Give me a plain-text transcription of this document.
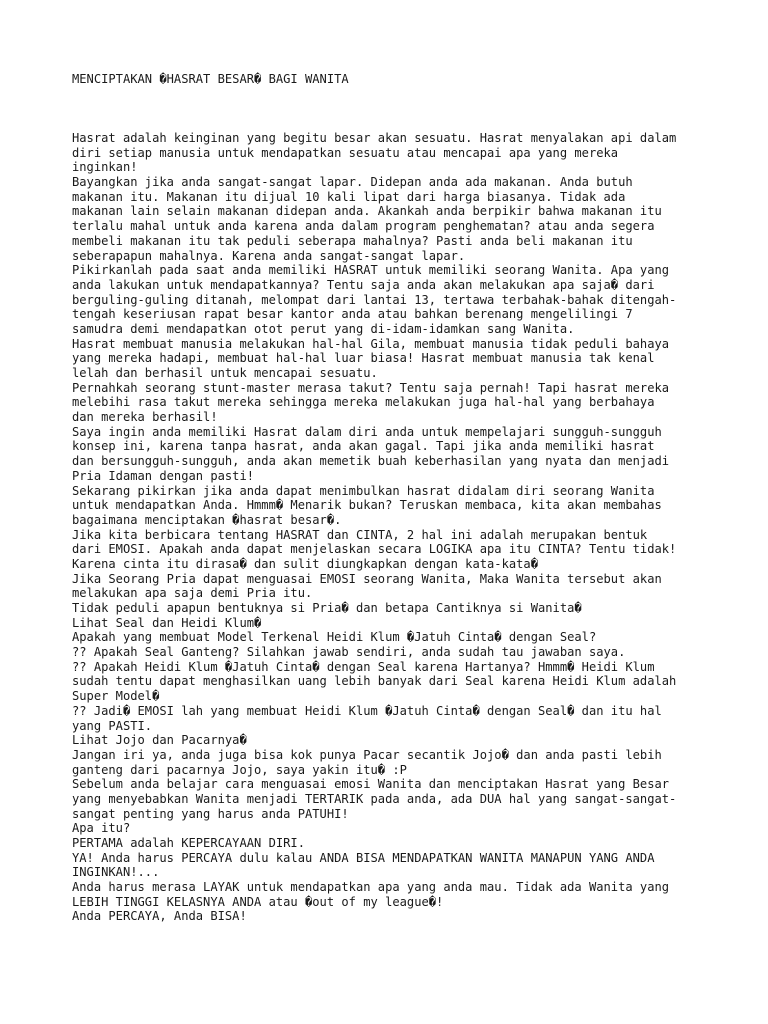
MENCIPTAKAN �HASRAT BESAR� BAGI WANITA
Hasrat adalah keinginan yang begitu besar akan sesuatu. Hasrat menyalakan api dalam
diri setiap manusia untuk mendapatkan sesuatu atau mencapai apa yang mereka
inginkan!
Bayangkan jika anda sangat-sangat lapar. Didepan anda ada makanan. Anda butuh
makanan itu. Makanan itu dijual 10 kali lipat dari harga biasanya. Tidak ada
makanan lain selain makanan didepan anda. Akankah anda berpikir bahwa makanan itu
terlalu mahal untuk anda karena anda dalam program penghematan? atau anda segera
membeli makanan itu tak peduli seberapa mahalnya? Pasti anda beli makanan itu
seberapapun mahalnya. Karena anda sangat-sangat lapar.
Pikirkanlah pada saat anda memiliki HASRAT untuk memiliki seorang Wanita. Apa yang
anda lakukan untuk mendapatkannya? Tentu saja anda akan melakukan apa saja� dari
berguling-guling ditanah, melompat dari lantai 13, tertawa terbahak-bahak ditengah-
tengah keseriusan rapat besar kantor anda atau bahkan berenang mengelilingi 7
samudra demi mendapatkan otot perut yang di-idam-idamkan sang Wanita.
Hasrat membuat manusia melakukan hal-hal Gila, membuat manusia tidak peduli bahaya
yang mereka hadapi, membuat hal-hal luar biasa! Hasrat membuat manusia tak kenal
lelah dan berhasil untuk mencapai sesuatu.
Pernahkah seorang stunt-master merasa takut? Tentu saja pernah! Tapi hasrat mereka
melebihi rasa takut mereka sehingga mereka melakukan juga hal-hal yang berbahaya
dan mereka berhasil!
Saya ingin anda memiliki Hasrat dalam diri anda untuk mempelajari sungguh-sungguh
konsep ini, karena tanpa hasrat, anda akan gagal. Tapi jika anda memiliki hasrat
dan bersungguh-sungguh, anda akan memetik buah keberhasilan yang nyata dan menjadi
Pria Idaman dengan pasti!
Sekarang pikirkan jika anda dapat menimbulkan hasrat didalam diri seorang Wanita
untuk mendapatkan Anda. Hmmm� Menarik bukan? Teruskan membaca, kita akan membahas
bagaimana menciptakan �hasrat besar�.
Jika kita berbicara tentang HASRAT dan CINTA, 2 hal ini adalah merupakan bentuk
dari EMOSI. Apakah anda dapat menjelaskan secara LOGIKA apa itu CINTA? Tentu tidak!
Karena cinta itu dirasa� dan sulit diungkapkan dengan kata-kata�
Jika Seorang Pria dapat menguasai EMOSI seorang Wanita, Maka Wanita tersebut akan
melakukan apa saja demi Pria itu.
Tidak peduli apapun bentuknya si Pria� dan betapa Cantiknya si Wanita�
Lihat Seal dan Heidi Klum�
Apakah yang membuat Model Terkenal Heidi Klum �Jatuh Cinta� dengan Seal?
?? Apakah Seal Ganteng? Silahkan jawab sendiri, anda sudah tau jawaban saya.
?? Apakah Heidi Klum �Jatuh Cinta� dengan Seal karena Hartanya? Hmmm� Heidi Klum
sudah tentu dapat menghasilkan uang lebih banyak dari Seal karena Heidi Klum adalah
Super Model�
?? Jadi� EMOSI lah yang membuat Heidi Klum �Jatuh Cinta� dengan Seal� dan itu hal
yang PASTI.
Lihat Jojo dan Pacarnya�
Jangan iri ya, anda juga bisa kok punya Pacar secantik Jojo� dan anda pasti lebih
ganteng dari pacarnya Jojo, saya yakin itu� :P
Sebelum anda belajar cara menguasai emosi Wanita dan menciptakan Hasrat yang Besar
yang menyebabkan Wanita menjadi TERTARIK pada anda, ada DUA hal yang sangat-sangat-
sangat penting yang harus anda PATUHI!
Apa itu?
PERTAMA adalah KEPERCAYAAN DIRI.
YA! Anda harus PERCAYA dulu kalau ANDA BISA MENDAPATKAN WANITA MANAPUN YANG ANDA
INGINKAN!...
Anda harus merasa LAYAK untuk mendapatkan apa yang anda mau. Tidak ada Wanita yang
LEBIH TINGGI KELASNYA ANDA atau �out of my league�!
Anda PERCAYA, Anda BISA!
